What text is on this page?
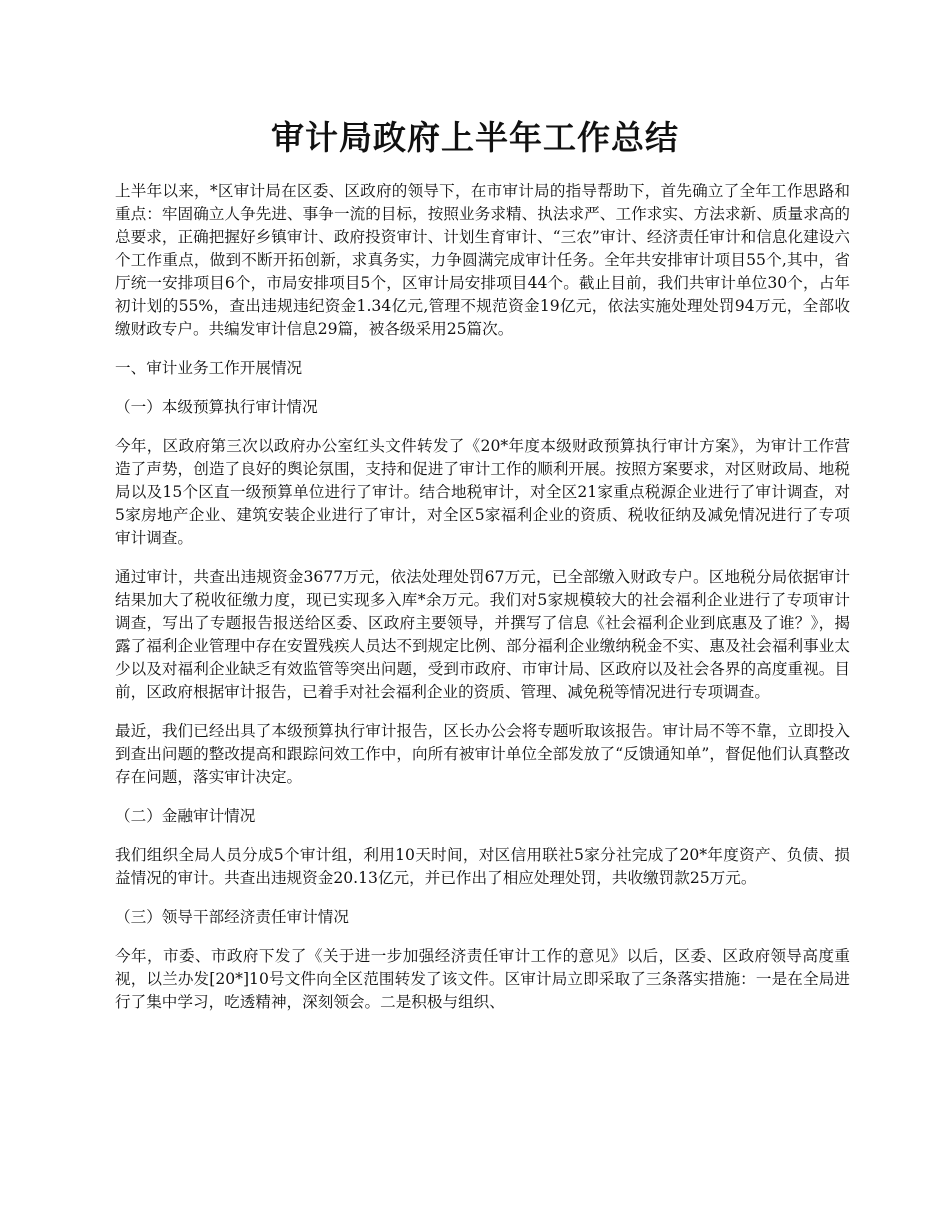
审计局政府上半年工作总结

上半年以来，*区审计局在区委、区政府的领导下，在市审计局的指导帮助下，首先确立了全年工作思路和重点：牢固确立人争先进、事争一流的目标，按照业务求精、执法求严、工作求实、方法求新、质量求高的总要求，正确把握好乡镇审计、政府投资审计、计划生育审计、“三农”审计、经济责任审计和信息化建设六个工作重点，做到不断开拓创新，求真务实，力争圆满完成审计任务。全年共安排审计项目55个,其中，省厅统一安排项目6个，市局安排项目5个，区审计局安排项目44个。截止目前，我们共审计单位30个，占年初计划的55%，查出违规违纪资金1.34亿元,管理不规范资金19亿元，依法实施处理处罚94万元，全部收缴财政专户。共编发审计信息29篇，被各级采用25篇次。

一、审计业务工作开展情况

（一）本级预算执行审计情况

今年，区政府第三次以政府办公室红头文件转发了《20*年度本级财政预算执行审计方案》，为审计工作营造了声势，创造了良好的舆论氛围，支持和促进了审计工作的顺利开展。按照方案要求，对区财政局、地税局以及15个区直一级预算单位进行了审计。结合地税审计，对全区21家重点税源企业进行了审计调查，对5家房地产企业、建筑安装企业进行了审计，对全区5家福利企业的资质、税收征纳及减免情况进行了专项审计调查。

通过审计，共查出违规资金3677万元，依法处理处罚67万元，已全部缴入财政专户。区地税分局依据审计结果加大了税收征缴力度，现已实现多入库*余万元。我们对5家规模较大的社会福利企业进行了专项审计调查，写出了专题报告报送给区委、区政府主要领导，并撰写了信息《社会福利企业到底惠及了谁？》，揭露了福利企业管理中存在安置残疾人员达不到规定比例、部分福利企业缴纳税金不实、惠及社会福利事业太少以及对福利企业缺乏有效监管等突出问题，受到市政府、市审计局、区政府以及社会各界的高度重视。目前，区政府根据审计报告，已着手对社会福利企业的资质、管理、减免税等情况进行专项调查。

最近，我们已经出具了本级预算执行审计报告，区长办公会将专题听取该报告。审计局不等不靠，立即投入到查出问题的整改提高和跟踪问效工作中，向所有被审计单位全部发放了“反馈通知单”，督促他们认真整改存在问题，落实审计决定。

（二）金融审计情况

我们组织全局人员分成5个审计组，利用10天时间，对区信用联社5家分社完成了20*年度资产、负债、损益情况的审计。共查出违规资金20.13亿元，并已作出了相应处理处罚，共收缴罚款25万元。

（三）领导干部经济责任审计情况

今年，市委、市政府下发了《关于进一步加强经济责任审计工作的意见》以后，区委、区政府领导高度重视，以兰办发[20*]10号文件向全区范围转发了该文件。区审计局立即采取了三条落实措施：一是在全局进行了集中学习，吃透精神，深刻领会。二是积极与组织、
